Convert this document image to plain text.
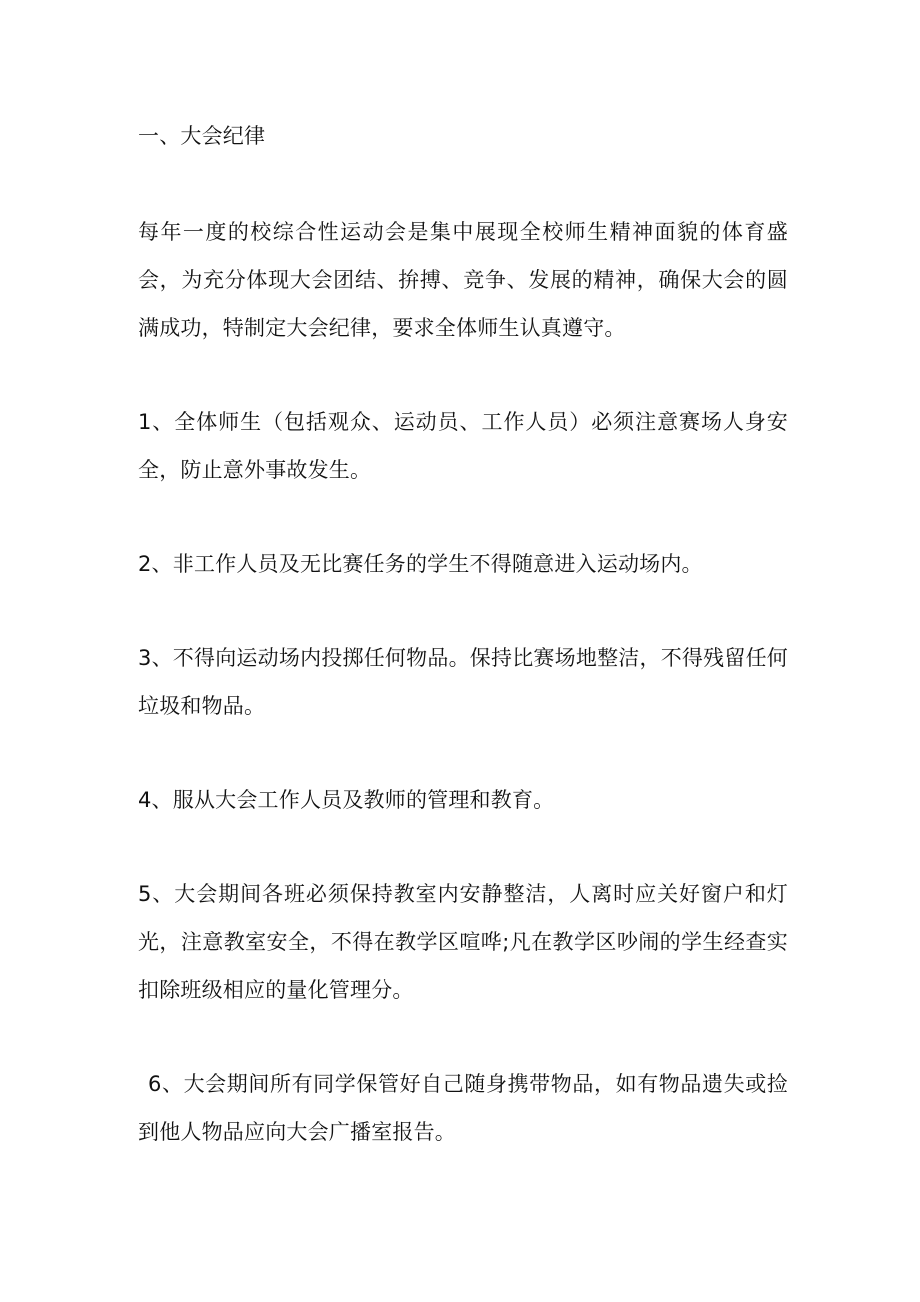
一、大会纪律

每年一度的校综合性运动会是集中展现全校师生精神面貌的体育盛会，为充分体现大会团结、拚搏、竞争、发展的精神，确保大会的圆满成功，特制定大会纪律，要求全体师生认真遵守。

1、全体师生（包括观众、运动员、工作人员）必须注意赛场人身安全，防止意外事故发生。

2、非工作人员及无比赛任务的学生不得随意进入运动场内。

3、不得向运动场内投掷任何物品。保持比赛场地整洁，不得残留任何垃圾和物品。

4、服从大会工作人员及教师的管理和教育。

5、大会期间各班必须保持教室内安静整洁，人离时应关好窗户和灯光，注意教室安全，不得在教学区喧哗;凡在教学区吵闹的学生经查实扣除班级相应的量化管理分。

6、大会期间所有同学保管好自己随身携带物品，如有物品遗失或捡到他人物品应向大会广播室报告。
